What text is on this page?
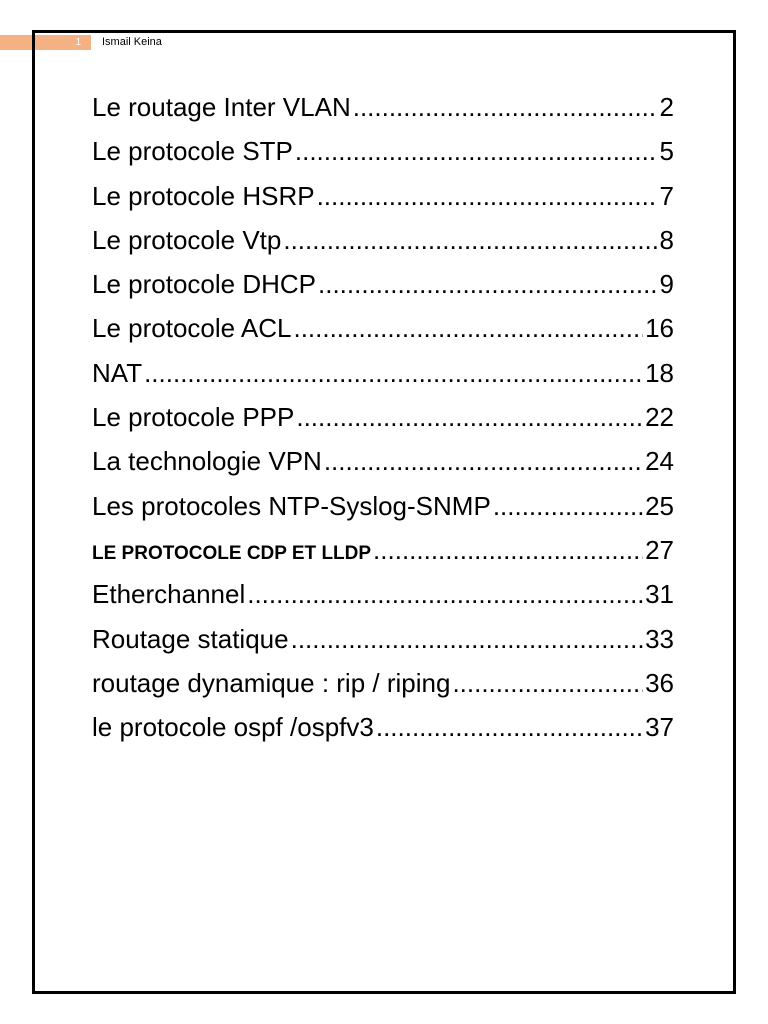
1	Ismail Keina
Le routage Inter VLAN .....	2
Le protocole STP .....	5
Le protocole HSRP .....	7
Le protocole Vtp .....	8
Le protocole DHCP .....	9
Le protocole ACL .....	16
NAT .....	18
Le protocole PPP .....	22
La technologie VPN .....	24
Les protocoles NTP-Syslog-SNMP .....	25
LE PROTOCOLE CDP ET LLDP .....	27
Etherchannel .....	31
Routage statique .....	33
routage dynamique : rip / riping .....	36
le protocole ospf /ospfv3 .....	37
